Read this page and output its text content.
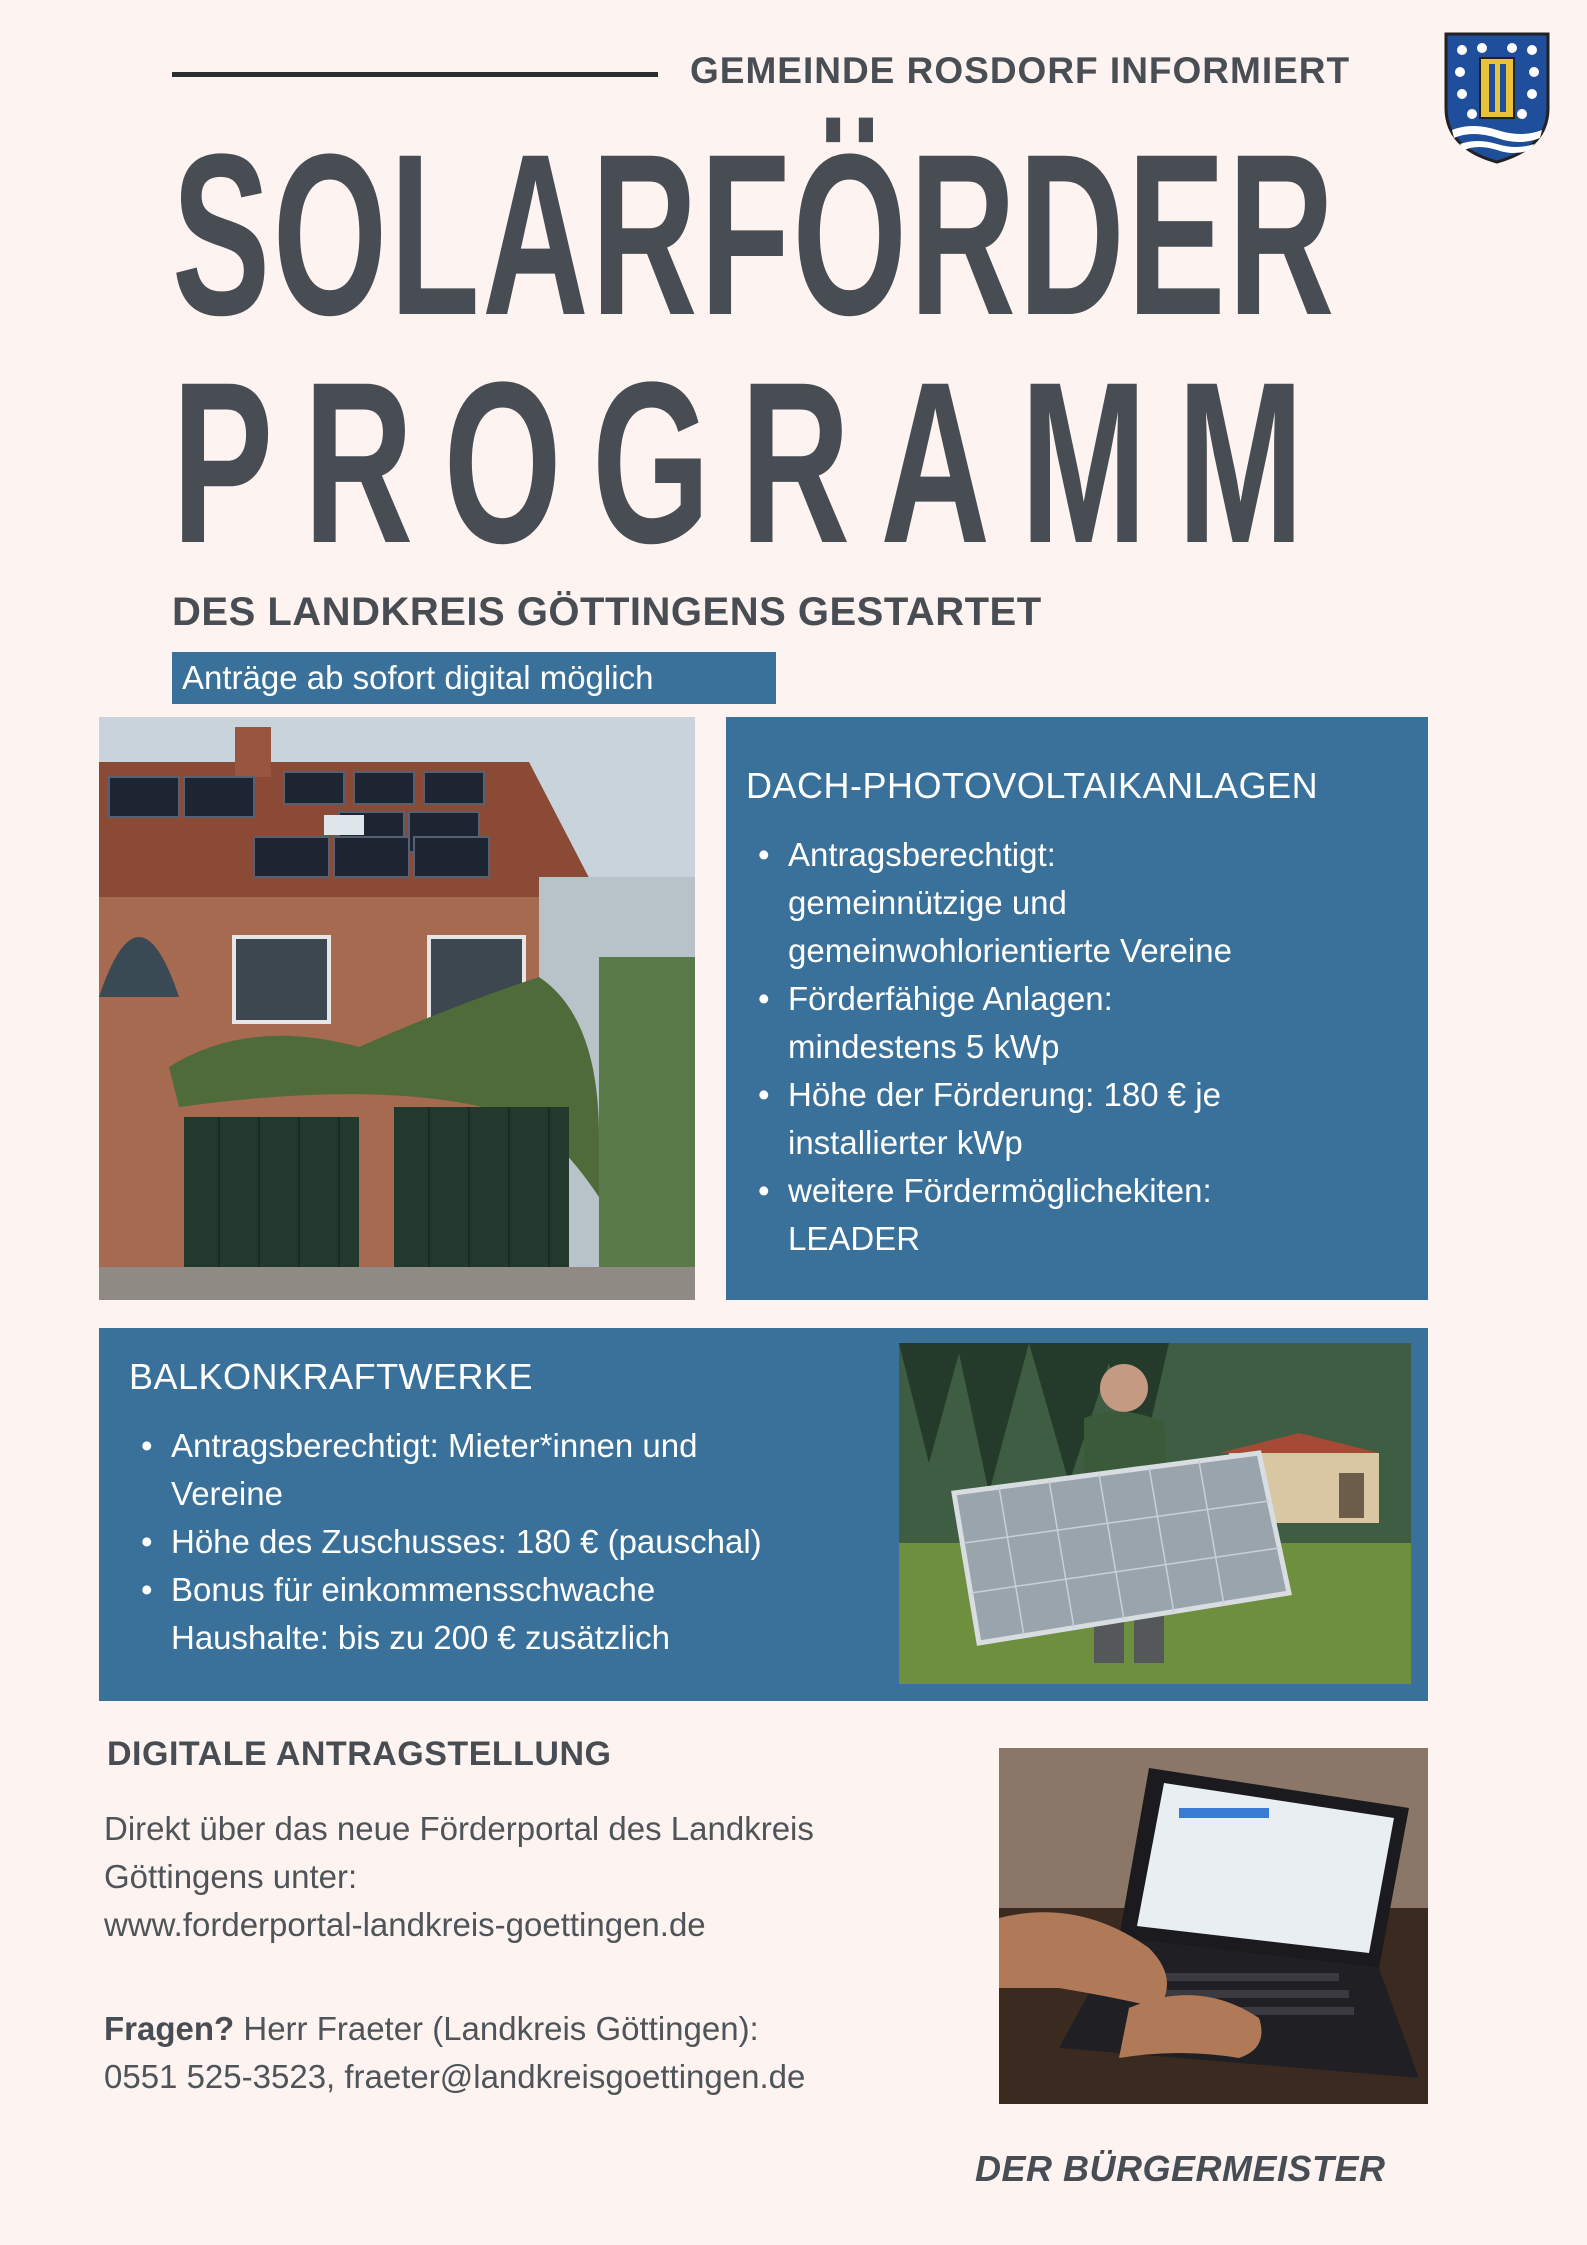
GEMEINDE ROSDORF INFORMIERT
SOLARFÖRDER
PROGRAMM
DES LANDKREIS GÖTTINGENS GESTARTET
Anträge ab sofort digital möglich
DACH-PHOTOVOLTAIKANLAGEN
• Antragsberechtigt:
gemeinnützige und
gemeinwohlorientierte Vereine
• Förderfähige Anlagen:
mindestens 5 kWp
• Höhe der Förderung: 180 € je
installierter kWp
• weitere Fördermöglichekiten:
LEADER
BALKONKRAFTWERKE
• Antragsberechtigt: Mieter*innen und
Vereine
• Höhe des Zuschusses: 180 € (pauschal)
• Bonus für einkommensschwache
Haushalte: bis zu 200 € zusätzlich
DIGITALE ANTRAGSTELLUNG
Direkt über das neue Förderportal des Landkreis
Göttingens unter:
www.forderportal-landkreis-goettingen.de
Fragen? Herr Fraeter (Landkreis Göttingen):
0551 525-3523, fraeter@landkreisgoettingen.de
DER BÜRGERMEISTER
